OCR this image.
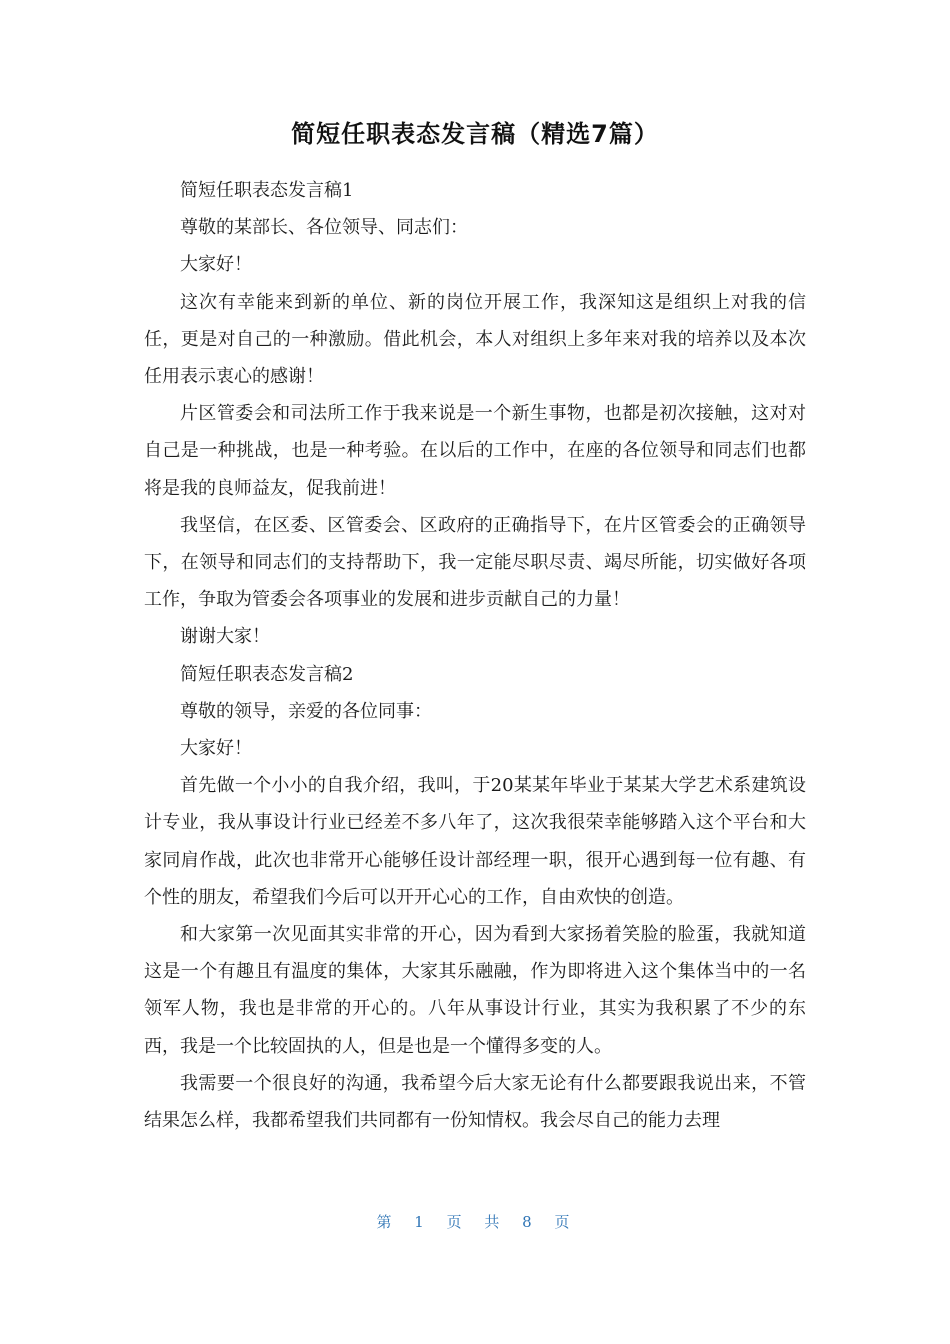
简短任职表态发言稿（精选7篇）

简短任职表态发言稿1

尊敬的某部长、各位领导、同志们：

大家好！

这次有幸能来到新的单位、新的岗位开展工作，我深知这是组织上对我的信任，更是对自己的一种激励。借此机会，本人对组织上多年来对我的培养以及本次任用表示衷心的感谢！

片区管委会和司法所工作于我来说是一个新生事物，也都是初次接触，这对对自己是一种挑战，也是一种考验。在以后的工作中，在座的各位领导和同志们也都将是我的良师益友，促我前进！

我坚信，在区委、区管委会、区政府的正确指导下，在片区管委会的正确领导下，在领导和同志们的支持帮助下，我一定能尽职尽责、竭尽所能，切实做好各项工作，争取为管委会各项事业的发展和进步贡献自己的力量！

谢谢大家！

简短任职表态发言稿2

尊敬的领导，亲爱的各位同事：

大家好！

首先做一个小小的自我介绍，我叫，于20某某年毕业于某某大学艺术系建筑设计专业，我从事设计行业已经差不多八年了，这次我很荣幸能够踏入这个平台和大家同肩作战，此次也非常开心能够任设计部经理一职，很开心遇到每一位有趣、有个性的朋友，希望我们今后可以开开心心的工作，自由欢快的创造。

和大家第一次见面其实非常的开心，因为看到大家扬着笑脸的脸蛋，我就知道这是一个有趣且有温度的集体，大家其乐融融，作为即将进入这个集体当中的一名领军人物，我也是非常的开心的。八年从事设计行业，其实为我积累了不少的东西，我是一个比较固执的人，但是也是一个懂得多变的人。

我需要一个很良好的沟通，我希望今后大家无论有什么都要跟我说出来，不管结果怎么样，我都希望我们共同都有一份知情权。我会尽自己的能力去理

第 1 页 共 8 页
